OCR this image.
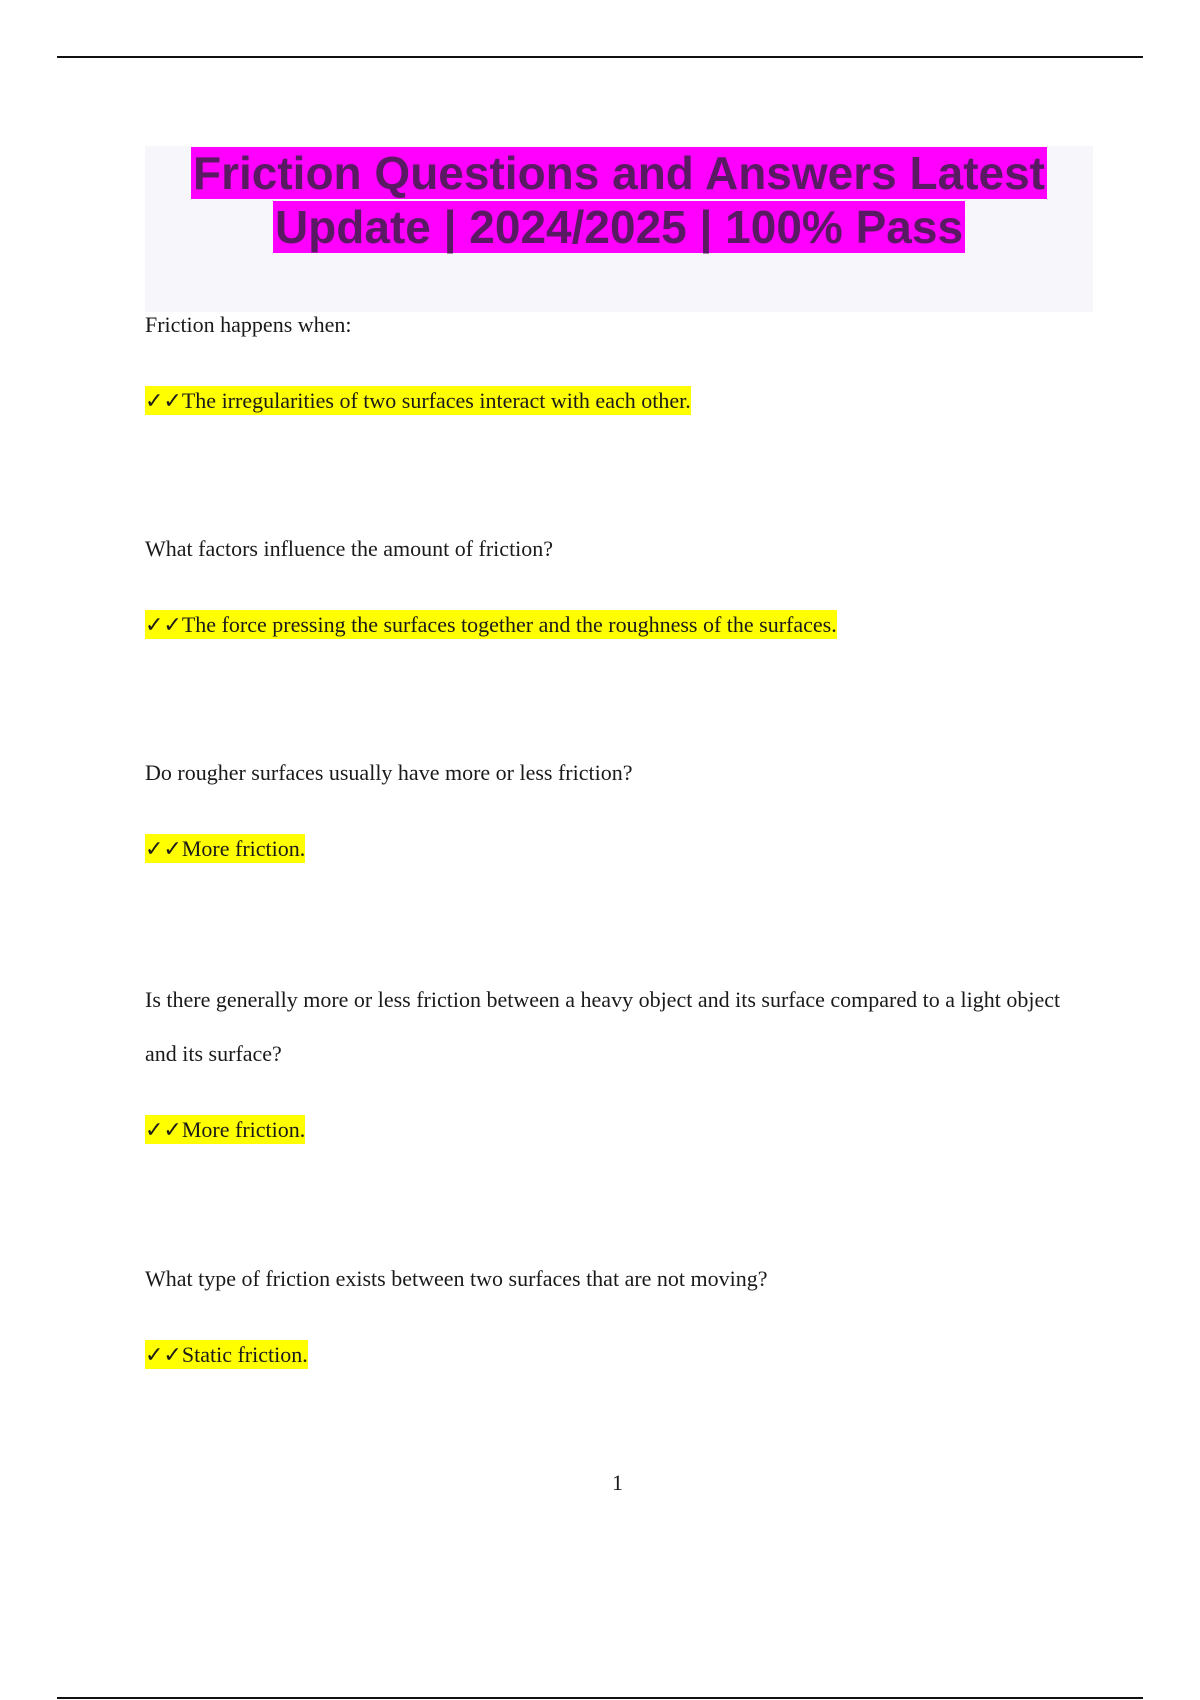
Friction Questions and Answers Latest
Update | 2024/2025 | 100% Pass

Friction happens when:

✓✓The irregularities of two surfaces interact with each other.

What factors influence the amount of friction?

✓✓The force pressing the surfaces together and the roughness of the surfaces.

Do rougher surfaces usually have more or less friction?

✓✓More friction.

Is there generally more or less friction between a heavy object and its surface compared to a light object and its surface?

✓✓More friction.

What type of friction exists between two surfaces that are not moving?

✓✓Static friction.

1
